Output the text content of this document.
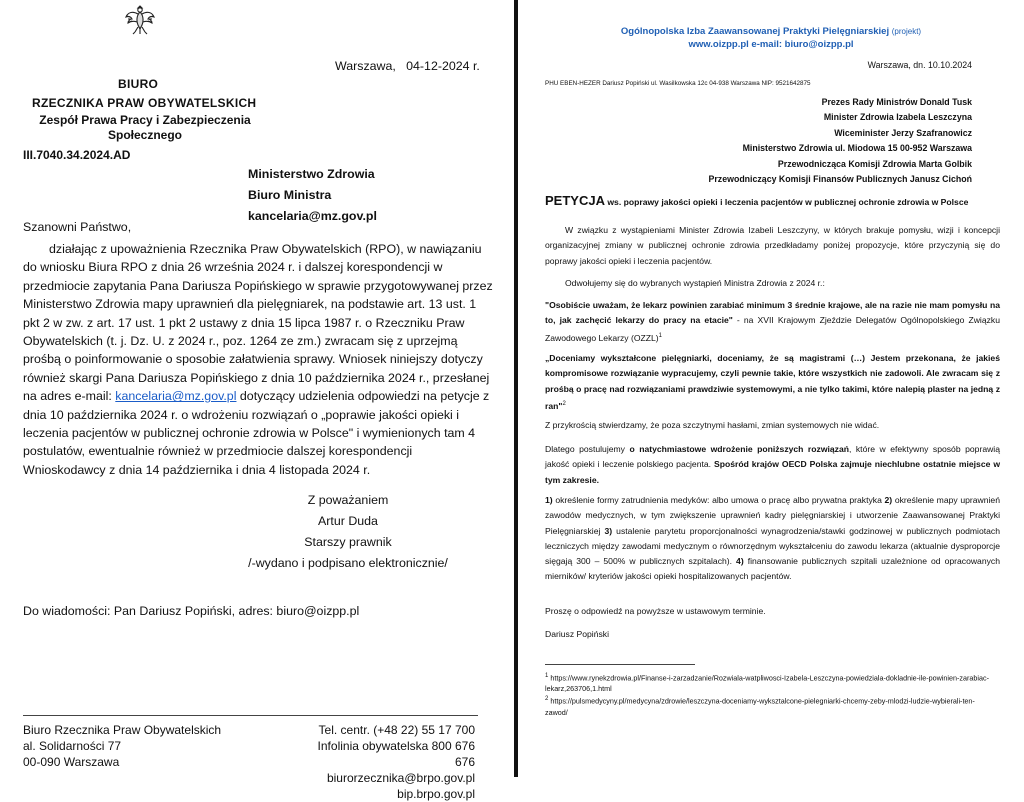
Warszawa,   04-12-2024 r.
BIURO
RZECZNIKA PRAW OBYWATELSKICH
Zespół Prawa Pracy i Zabezpieczenia Społecznego
III.7040.34.2024.AD
Ministerstwo Zdrowia
Biuro Ministra
kancelaria@mz.gov.pl
Szanowni Państwo,
działając z upoważnienia Rzecznika Praw Obywatelskich (RPO), w nawiązaniu do wniosku Biura RPO z dnia 26 września 2024 r. i dalszej korespondencji w przedmiocie zapytania Pana Dariusza Popińskiego w sprawie przygotowywanej przez Ministerstwo Zdrowia mapy uprawnień dla pielęgniarek, na podstawie art. 13 ust. 1 pkt 2 w zw. z art. 17 ust. 1 pkt 2 ustawy z dnia 15 lipca 1987 r. o Rzeczniku Praw Obywatelskich (t. j. Dz. U. z 2024 r., poz. 1264 ze zm.) zwracam się z uprzejmą prośbą o poinformowanie o sposobie załatwienia sprawy. Wniosek niniejszy dotyczy również skargi Pana Dariusza Popińskiego z dnia 10 października 2024 r., przesłanej na adres e-mail: kancelaria@mz.gov.pl dotyczący udzielenia odpowiedzi na petycje z dnia 10 października 2024 r. o wdrożeniu rozwiązań o „poprawie jakości opieki i leczenia pacjentów w publicznej ochronie zdrowia w Polsce" i wymienionych tam 4 postulatów, ewentualnie również w przedmiocie dalszej korespondencji Wnioskodawcy z dnia 14 października i dnia 4 listopada 2024 r.
Z poważaniem
Artur Duda
Starszy prawnik
/-wydano i podpisano elektronicznie/
Do wiadomości: Pan Dariusz Popiński, adres: biuro@oizpp.pl
Biuro Rzecznika Praw Obywatelskich
al. Solidarności 77
00-090 Warszawa
Tel. centr. (+48 22) 55 17 700
Infolinia obywatelska 800 676 676
biurorzecznika@brpo.gov.pl
bip.brpo.gov.pl
Ogólnopolska Izba Zaawansowanej Praktyki Pielęgniarskiej (projekt)
www.oizpp.pl e-mail: biuro@oizpp.pl
Warszawa, dn. 10.10.2024
PHU EBEN-HEZER Dariusz Popiński ul. Wasilkowska 12c 04-938 Warszawa NIP: 9521642875
Prezes Rady Ministrów Donald Tusk
Minister Zdrowia Izabela Leszczyna
Wiceminister Jerzy Szafranowicz
Ministerstwo Zdrowia ul. Miodowa 15 00-952 Warszawa
Przewodnicząca Komisji Zdrowia Marta Golbik
Przewodniczący Komisji Finansów Publicznych Janusz Cichoń
PETYCJA ws. poprawy jakości opieki i leczenia pacjentów w publicznej ochronie zdrowia w Polsce
W związku z wystąpieniami Minister Zdrowia Izabeli Leszczyny, w których brakuje pomysłu, wizji i koncepcji organizacyjnej zmiany w publicznej ochronie zdrowia przedkładamy poniżej propozycje, które przyczynią się do poprawy jakości opieki i leczenia pacjentów.
Odwołujemy się do wybranych wystąpień Ministra Zdrowia z 2024 r.:
"Osobiście uważam, że lekarz powinien zarabiać minimum 3 średnie krajowe, ale na razie nie mam pomysłu na to, jak zachęcić lekarzy do pracy na etacie" - na XVII Krajowym Zjeździe Delegatów Ogólnopolskiego Związku Zawodowego Lekarzy (OZZL)$^1$
„Doceniamy wykształcone pielęgniarki, doceniamy, że są magistrami (…) Jestem przekonana, że jakieś kompromisowe rozwiązanie wypracujemy, czyli pewnie takie, które wszystkich nie zadowoli. Ale zwracam się z prośbą o pracę nad rozwiązaniami prawdziwie systemowymi, a nie tylko takimi, które nalepią plaster na jedną z ran"$^2$
Z przykrością stwierdzamy, że poza szczytnymi hasłami, zmian systemowych nie widać.
Dlatego postulujemy o natychmiastowe wdrożenie poniższych rozwiązań, które w efektywny sposób poprawią jakość opieki i leczenie polskiego pacjenta. Spośród krajów OECD Polska zajmuje niechlubne ostatnie miejsce w tym zakresie.
1) określenie formy zatrudnienia medyków: albo umowa o pracę albo prywatna praktyka 2) określenie mapy uprawnień zawodów medycznych, w tym zwiększenie uprawnień kadry pielęgniarskiej i utworzenie Zaawansowanej Praktyki Pielęgniarskiej 3) ustalenie parytetu proporcjonalności wynagrodzenia/stawki godzinowej w publicznych podmiotach leczniczych między zawodami medycznym o równorzędnym wykształceniu do zawodu lekarza (aktualnie dysproporcje sięgają 300 – 500% w publicznych szpitalach). 4) finansowanie publicznych szpitali uzależnione od opracowanych mierników/ kryteriów jakości opieki hospitalizowanych pacjentów.
Proszę o odpowiedź na powyższe w ustawowym terminie.
Dariusz Popiński
$^1$ https://www.rynekzdrowia.pl/Finanse-i-zarzadzanie/Rozwiala-watpliwosci-Izabela-Leszczyna-powiedziala-dokladnie-ile-powinien-zarabiac-lekarz,263706,1.html
$^2$ https://pulsmedycyny.pl/medycyna/zdrowie/leszczyna-doceniamy-wyksztalcone-pielegniarki-chcemy-zeby-mlodzi-ludzie-wybierali-ten-zawod/
